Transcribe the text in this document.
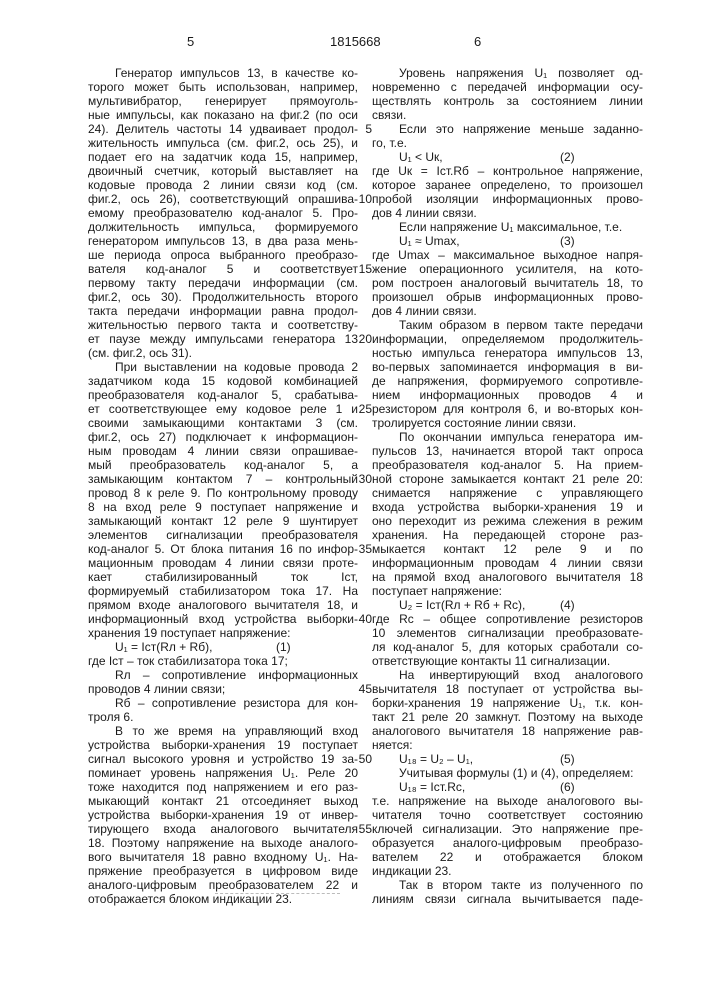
5	1815668	6
Генератор импульсов 13, в качестве ко-
торого может быть использован, например,
мультивибратор, генерирует прямоуголь-
ные импульсы, как показано на фиг.2 (по оси
24). Делитель частоты 14 удваивает продол-
жительность импульса (см. фиг.2, ось 25), и
подает его на задатчик кода 15, например,
двоичный счетчик, который выставляет на
кодовые провода 2 линии связи код (см.
фиг.2, ось 26), соответствующий опрашива-
емому преобразователю код-аналог 5. Про-
должительность импульса, формируемого
генератором импульсов 13, в два раза мень-
ше периода опроса выбранного преобразо-
вателя код-аналог 5 и соответствует
первому такту передачи информации (см.
фиг.2, ось 30). Продолжительность второго
такта передачи информации равна продол-
жительностью первого такта и соответству-
ет паузе между импульсами генератора 13
(см. фиг.2, ось 31).
При выставлении на кодовые провода 2
задатчиком кода 15 кодовой комбинацией
преобразователя код-аналог 5, срабатыва-
ет соответствующее ему кодовое реле 1 и
своими замыкающими контактами 3 (см.
фиг.2, ось 27) подключает к информацион-
ным проводам 4 линии связи опрашивае-
мый преобразователь код-аналог 5, а
замыкающим контактом 7 – контрольный
провод 8 к реле 9. По контрольному проводу
8 на вход реле 9 поступает напряжение и
замыкающий контакт 12 реле 9 шунтирует
элементов сигнализации преобразователя
код-аналог 5. От блока питания 16 по инфор-
мационным проводам 4 линии связи проте-
кает стабилизированный ток Iст,
формируемый стабилизатором тока 17. На
прямом входе аналогового вычитателя 18, и
информационный вход устройства выборки-
хранения 19 поступает напряжение:
U₁ = Iст(Rл + Rб),	(1)
где Iст – ток стабилизатора тока 17;
Rл – сопротивление информационных
проводов 4 линии связи;
Rб – сопротивление резистора для кон-
троля 6.
В то же время на управляющий вход
устройства выборки-хранения 19 поступает
сигнал высокого уровня и устройство 19 за-
поминает уровень напряжения U₁. Реле 20
тоже находится под напряжением и его раз-
мыкающий контакт 21 отсоединяет выход
устройства выборки-хранения 19 от инвер-
тирующего входа аналогового вычитателя
18. Поэтому напряжение на выходе аналого-
вого вычитателя 18 равно входному U₁. На-
пряжение преобразуется в цифровом виде
аналого-цифровым преобразователем 22 и
отображается блоком индикации 23.
5
10
15
20
25
30
35
40
45
50
55
Уровень напряжения U₁ позволяет од-
новременно с передачей информации осу-
ществлять контроль за состоянием линии
связи.
Если это напряжение меньше заданно-
го, т.е.
U₁ < Uк,	(2)
где Uк = Iст.Rб – контрольное напряжение,
которое заранее определено, то произошел
пробой изоляции информационных прово-
дов 4 линии связи.
Если напряжение U₁ максимальное, т.е.
U₁ ≈ Umax,	(3)
где Umax – максимальное выходное напря-
жение операционного усилителя, на кото-
ром построен аналоговый вычитатель 18, то
произошел обрыв информационных прово-
дов 4 линии связи.
Таким образом в первом такте передачи
информации, определяемом продолжитель-
ностью импульса генератора импульсов 13,
во-первых запоминается информация в ви-
де напряжения, формируемого сопротивле-
нием информационных проводов 4 и
резистором для контроля 6, и во-вторых кон-
тролируется состояние линии связи.
По окончании импульса генератора им-
пульсов 13, начинается второй такт опроса
преобразователя код-аналог 5. На прием-
ной стороне замыкается контакт 21 реле 20:
снимается напряжение с управляющего
входа устройства выборки-хранения 19 и
оно переходит из режима слежения в режим
хранения. На передающей стороне раз-
мыкается контакт 12 реле 9 и по
информационным проводам 4 линии связи
на прямой вход аналогового вычитателя 18
поступает напряжение:
U₂ = Iст(Rл + Rб + Rc),	(4)
где Rc – общее сопротивление резисторов
10 элементов сигнализации преобразовате-
ля код-аналог 5, для которых сработали со-
ответствующие контакты 11 сигнализации.
На инвертирующий вход аналогового
вычитателя 18 поступает от устройства вы-
борки-хранения 19 напряжение U₁, т.к. кон-
такт 21 реле 20 замкнут. Поэтому на выходе
аналогового вычитателя 18 напряжение рав-
няется:
U₁₈ = U₂ – U₁,	(5)
Учитывая формулы (1) и (4), определяем:
U₁₈ = Iст.Rc,	(6)
т.е. напряжение на выходе аналогового вы-
читателя точно соответствует состоянию
ключей сигнализации. Это напряжение пре-
образуется аналого-цифровым преобразо-
вателем 22 и отображается блоком
индикации 23.
Так в втором такте из полученного по
линиям связи сигнала вычитывается паде-
